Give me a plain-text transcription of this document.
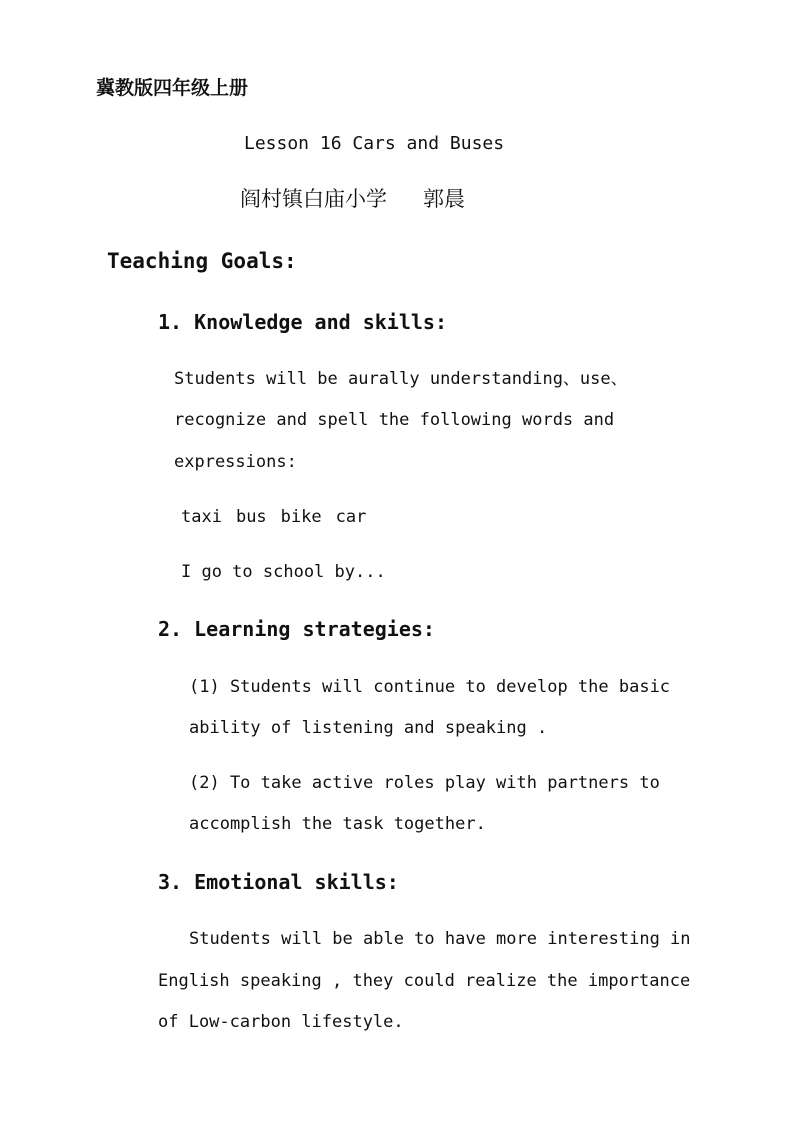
冀教版四年级上册
Lesson 16 Cars and Buses
阎村镇白庙小学 郭晨
Teaching Goals:
1. Knowledge and skills:
Students will be aurally understanding、use、
recognize and spell the following words and
expressions:
taxi bus bike car
I go to school by...
2. Learning strategies:
(1) Students will continue to develop the basic
ability of listening and speaking .
(2) To take active roles play with partners to
accomplish the task together.
3. Emotional skills:
Students will be able to have more interesting in
English speaking , they could realize the importance
of Low-carbon lifestyle.
